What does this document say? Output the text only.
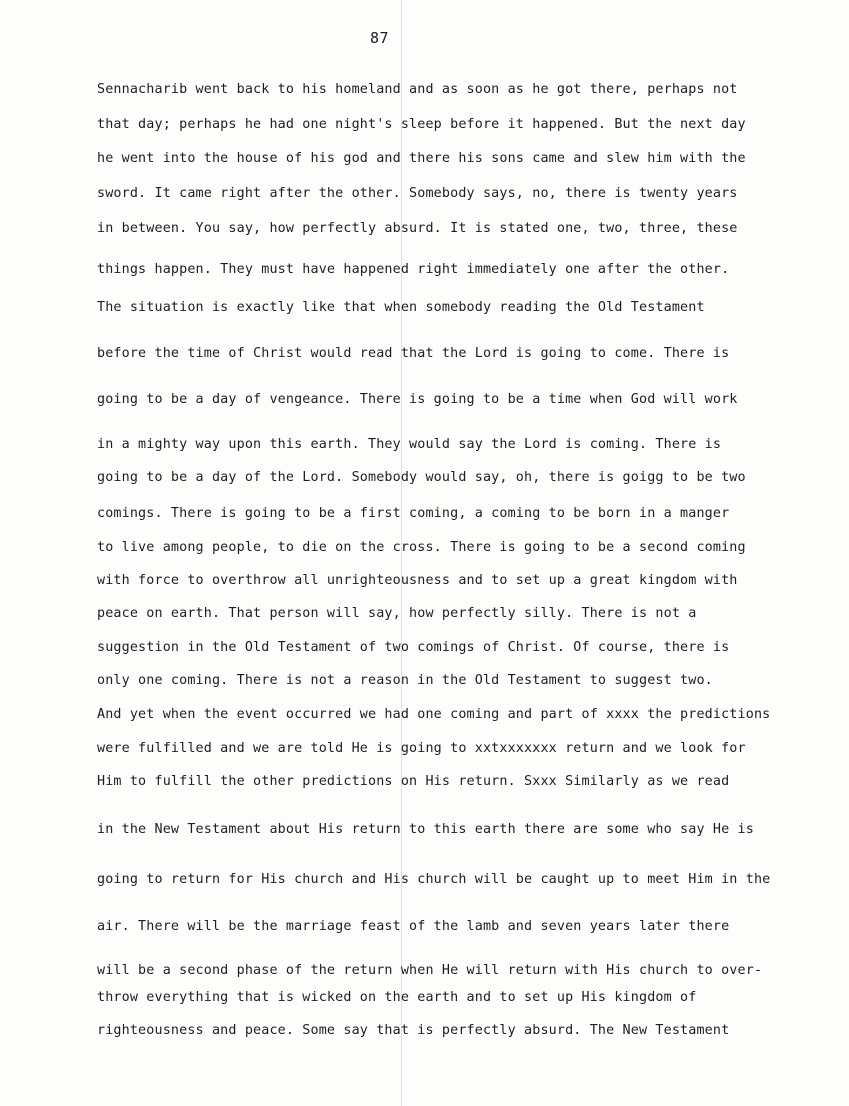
87
Sennacharib went back to his homeland and as soon as he got there, perhaps not
that day; perhaps he had one night's sleep before it happened. But the next day
he went into the house of his god and there his sons came and slew him with the
sword. It came right after the other. Somebody says, no, there is twenty years
in between. You say, how perfectly absurd. It is stated one, two, three, these
things happen. They must have happened right immediately one after the other.
The situation is exactly like that when somebody reading the Old Testament
before the time of Christ would read that the Lord is going to come. There is
going to be a day of vengeance. There is going to be a time when God will work
in a mighty way upon this earth. They would say the Lord is coming. There is
going to be a day of the Lord. Somebody would say, oh, there is goigg to be two
comings. There is going to be a first coming, a coming to be born in a manger
to live among people, to die on the cross. There is going to be a second coming
with force to overthrow all unrighteousness and to set up a great kingdom with
peace on earth. That person will say, how perfectly silly. There is not a
suggestion in the Old Testament of two comings of Christ. Of course, there is
only one coming. There is not a reason in the Old Testament to suggest two.
And yet when the event occurred we had one coming and part of xxxx the predictions
were fulfilled and we are told He is going to xxtxxxxxxx return and we look for
Him to fulfill the other predictions on His return. Sxxx Similarly as we read
in the New Testament about His return to this earth there are some who say He is
going to return for His church and His church will be caught up to meet Him in the
air. There will be the marriage feast of the lamb and seven years later there
will be a second phase of the return when He will return with His church to over-
throw everything that is wicked on the earth and to set up His kingdom of
righteousness and peace. Some say that is perfectly absurd. The New Testament
